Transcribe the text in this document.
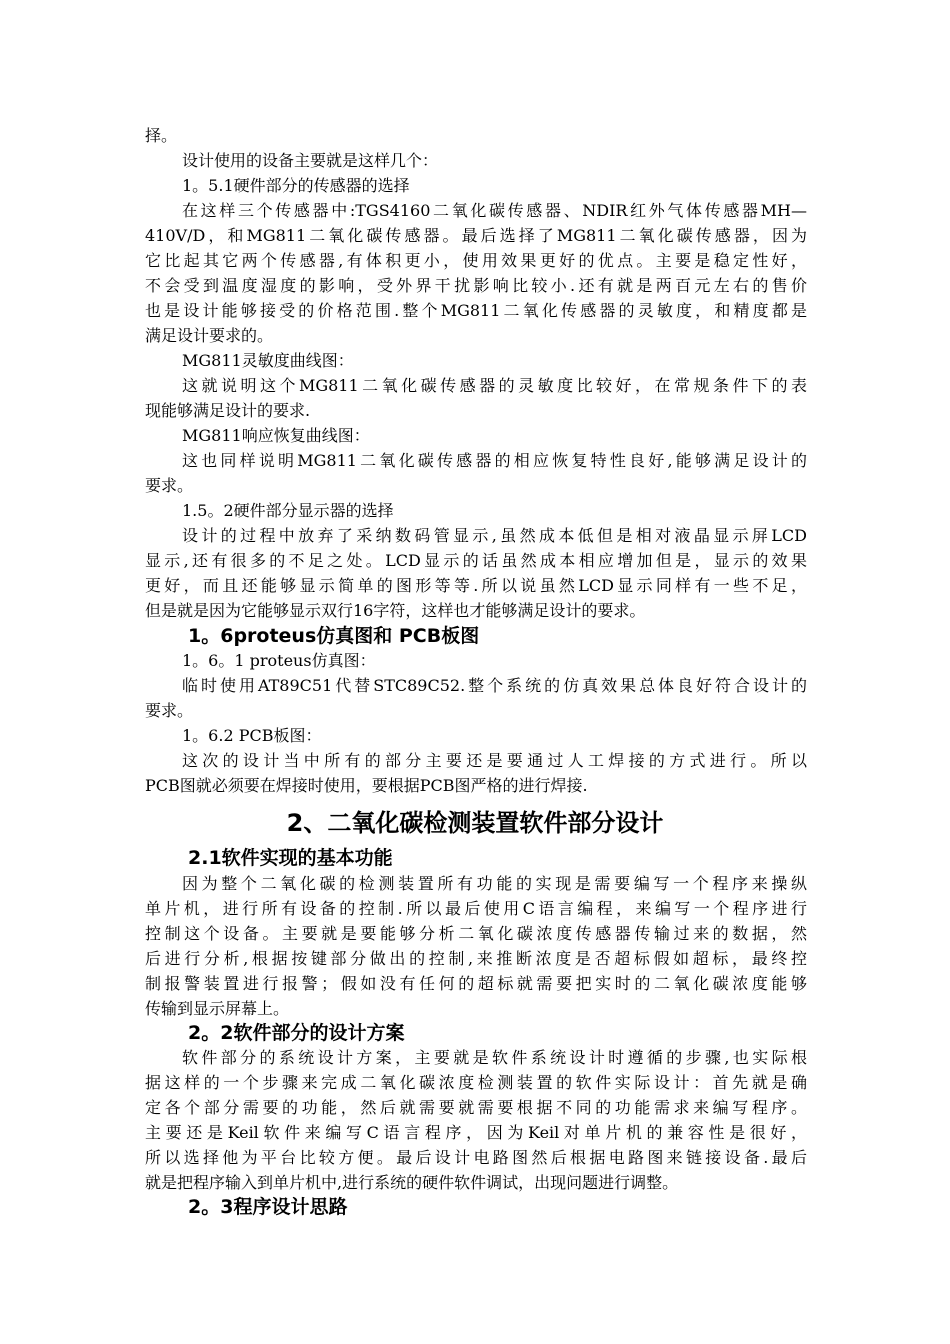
择。
设计使用的设备主要就是这样几个：
1。5.1硬件部分的传感器的选择
在这样三个传感器中:TGS4160二氧化碳传感器、NDIR红外气体传感器MH—
410V/D，和MG811二氧化碳传感器。最后选择了MG811二氧化碳传感器，因为
它比起其它两个传感器,有体积更小，使用效果更好的优点。主要是稳定性好，
不会受到温度湿度的影响，受外界干扰影响比较小.还有就是两百元左右的售价
也是设计能够接受的价格范围.整个MG811二氧化传感器的灵敏度，和精度都是
满足设计要求的。
MG811灵敏度曲线图：
这就说明这个MG811二氧化碳传感器的灵敏度比较好，在常规条件下的表
现能够满足设计的要求.
MG811响应恢复曲线图：
这也同样说明MG811二氧化碳传感器的相应恢复特性良好,能够满足设计的
要求。
1.5。2硬件部分显示器的选择
设计的过程中放弃了采纳数码管显示,虽然成本低但是相对液晶显示屏LCD
显示,还有很多的不足之处。LCD显示的话虽然成本相应增加但是，显示的效果
更好，而且还能够显示简单的图形等等.所以说虽然LCD显示同样有一些不足，
但是就是因为它能够显示双行16字符，这样也才能够满足设计的要求。
1。6proteus仿真图和 PCB板图
1。6。1 proteus仿真图：
临时使用AT89C51代替STC89C52.整个系统的仿真效果总体良好符合设计的
要求。
1。6.2 PCB板图：
这次的设计当中所有的部分主要还是要通过人工焊接的方式进行。所以
PCB图就必须要在焊接时使用，要根据PCB图严格的进行焊接.
2、二氧化碳检测装置软件部分设计
2.1软件实现的基本功能
因为整个二氧化碳的检测装置所有功能的实现是需要编写一个程序来操纵
单片机，进行所有设备的控制.所以最后使用C语言编程，来编写一个程序进行
控制这个设备。主要就是要能够分析二氧化碳浓度传感器传输过来的数据，然
后进行分析,根据按键部分做出的控制,来推断浓度是否超标假如超标，最终控
制报警装置进行报警；假如没有任何的超标就需要把实时的二氧化碳浓度能够
传输到显示屏幕上。
2。2软件部分的设计方案
软件部分的系统设计方案，主要就是软件系统设计时遵循的步骤,也实际根
据这样的一个步骤来完成二氧化碳浓度检测装置的软件实际设计：首先就是确
定各个部分需要的功能，然后就需要就需要根据不同的功能需求来编写程序。
主要还是Keil软件来编写C语言程序，因为Keil对单片机的兼容性是很好，
所以选择他为平台比较方便。最后设计电路图然后根据电路图来链接设备.最后
就是把程序输入到单片机中,进行系统的硬件软件调试，出现问题进行调整。
2。3程序设计思路
